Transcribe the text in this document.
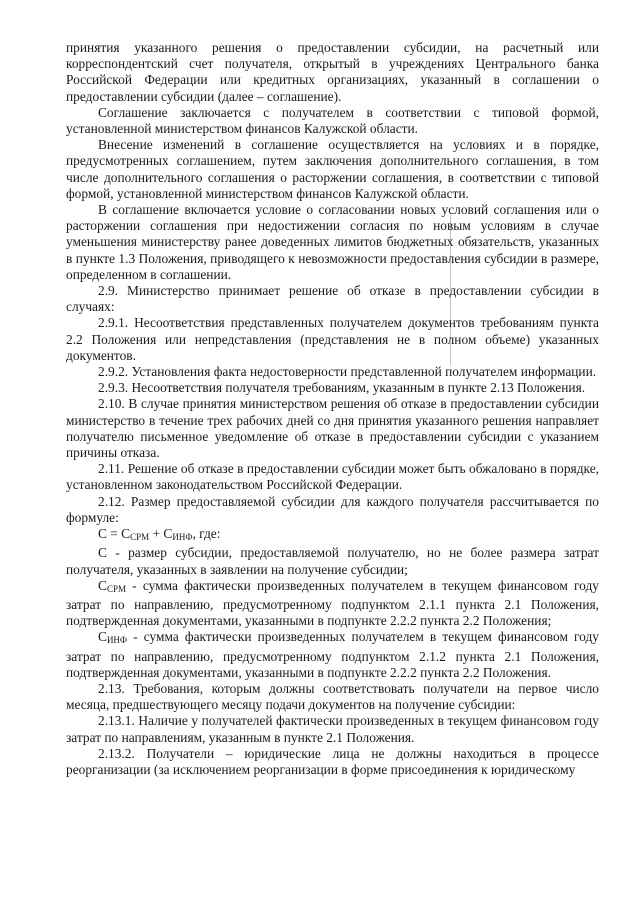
принятия указанного решения о предоставлении субсидии, на расчетный или корреспондентский счет получателя, открытый в учреждениях Центрального банка Российской Федерации или кредитных организациях, указанный в соглашении о предоставлении субсидии (далее – соглашение).

Соглашение заключается с получателем в соответствии с типовой формой, установленной министерством финансов Калужской области.

Внесение изменений в соглашение осуществляется на условиях и в порядке, предусмотренных соглашением, путем заключения дополнительного соглашения, в том числе дополнительного соглашения о расторжении соглашения, в соответствии с типовой формой, установленной министерством финансов Калужской области.

В соглашение включается условие о согласовании новых условий соглашения или о расторжении соглашения при недостижении согласия по новым условиям в случае уменьшения министерству ранее доведенных лимитов бюджетных обязательств, указанных в пункте 1.3 Положения, приводящего к невозможности предоставления субсидии в размере, определенном в соглашении.

2.9. Министерство принимает решение об отказе в предоставлении субсидии в случаях:

2.9.1. Несоответствия представленных получателем документов требованиям пункта 2.2 Положения или непредставления (представления не в полном объеме) указанных документов.

2.9.2. Установления факта недостоверности представленной получателем информации.

2.9.3. Несоответствия получателя требованиям, указанным в пункте 2.13 Положения.

2.10. В случае принятия министерством решения об отказе в предоставлении субсидии министерство в течение трех рабочих дней со дня принятия указанного решения направляет получателю письменное уведомление об отказе в предоставлении субсидии с указанием причины отказа.

2.11. Решение об отказе в предоставлении субсидии может быть обжаловано в порядке, установленном законодательством Российской Федерации.

2.12. Размер предоставляемой субсидии для каждого получателя рассчитывается по формуле:

$С = С_{СРМ} + С_{ИНФ}$, где:

С - размер субсидии, предоставляемой получателю, но не более размера затрат получателя, указанных в заявлении на получение субсидии;

$С_{СРМ}$ - сумма фактически произведенных получателем в текущем финансовом году затрат по направлению, предусмотренному подпунктом 2.1.1 пункта 2.1 Положения, подтвержденная документами, указанными в подпункте 2.2.2 пункта 2.2 Положения;

$С_{ИНФ}$ - сумма фактически произведенных получателем в текущем финансовом году затрат по направлению, предусмотренному подпунктом 2.1.2 пункта 2.1 Положения, подтвержденная документами, указанными в подпункте 2.2.2 пункта 2.2 Положения.

2.13. Требования, которым должны соответствовать получатели на первое число месяца, предшествующего месяцу подачи документов на получение субсидии:

2.13.1. Наличие у получателей фактически произведенных в текущем финансовом году затрат по направлениям, указанным в пункте 2.1 Положения.

2.13.2. Получатели – юридические лица не должны находиться в процессе реорганизации (за исключением реорганизации в форме присоединения к юридическому
